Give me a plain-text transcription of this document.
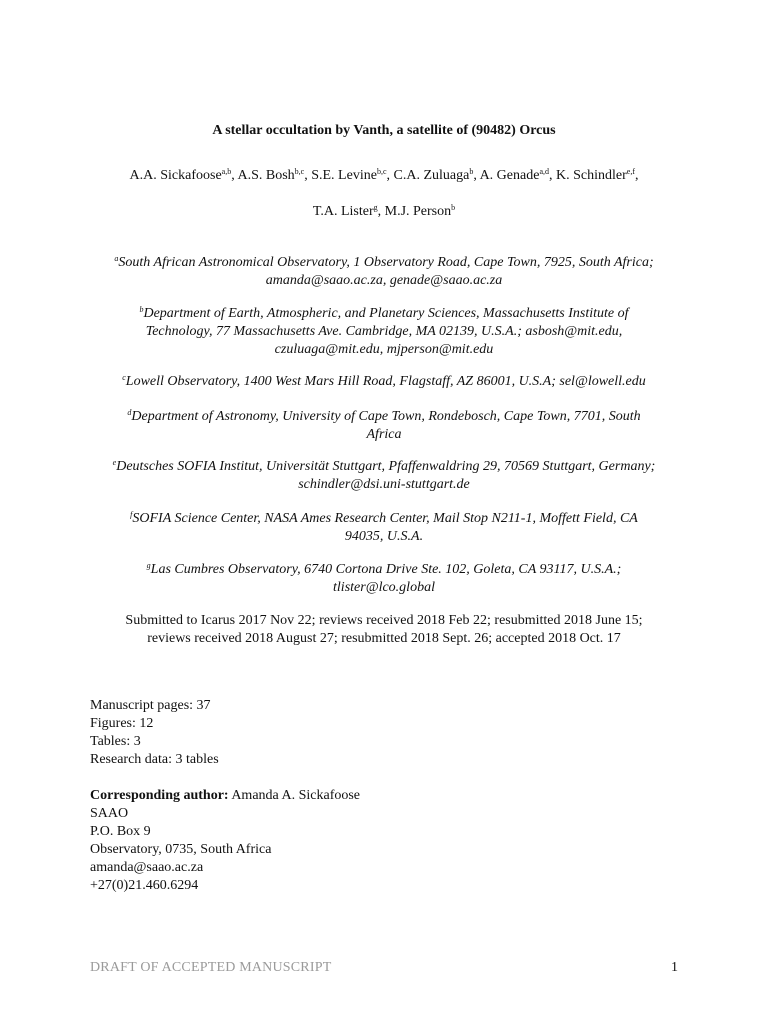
A stellar occultation by Vanth, a satellite of (90482) Orcus
A.A. Sickafoose$^{a,b}$, A.S. Bosh$^{b,c}$, S.E. Levine$^{b,c}$, C.A. Zuluaga$^b$, A. Genade$^{a,d}$, K. Schindler$^{e,f}$,
T.A. Lister$^g$, M.J. Person$^b$
$^a$South African Astronomical Observatory, 1 Observatory Road, Cape Town, 7925, South Africa;
amanda@saao.ac.za, genade@saao.ac.za
$^b$Department of Earth, Atmospheric, and Planetary Sciences, Massachusetts Institute of
Technology, 77 Massachusetts Ave. Cambridge, MA 02139, U.S.A.; asbosh@mit.edu,
czuluaga@mit.edu, mjperson@mit.edu
$^c$Lowell Observatory, 1400 West Mars Hill Road, Flagstaff, AZ 86001, U.S.A; sel@lowell.edu
$^d$Department of Astronomy, University of Cape Town, Rondebosch, Cape Town, 7701, South
Africa
$^e$Deutsches SOFIA Institut, Universität Stuttgart, Pfaffenwaldring 29, 70569 Stuttgart, Germany;
schindler@dsi.uni-stuttgart.de
$^f$SOFIA Science Center, NASA Ames Research Center, Mail Stop N211-1, Moffett Field, CA
94035, U.S.A.
$^g$Las Cumbres Observatory, 6740 Cortona Drive Ste. 102, Goleta, CA 93117, U.S.A.;
tlister@lco.global
Submitted to Icarus 2017 Nov 22; reviews received 2018 Feb 22; resubmitted 2018 June 15;
reviews received 2018 August 27; resubmitted 2018 Sept. 26; accepted 2018 Oct. 17
Manuscript pages: 37
Figures: 12
Tables: 3
Research data: 3 tables
Corresponding author: Amanda A. Sickafoose
SAAO
P.O. Box 9
Observatory, 0735, South Africa
amanda@saao.ac.za
+27(0)21.460.6294
DRAFT OF ACCEPTED MANUSCRIPT	1
